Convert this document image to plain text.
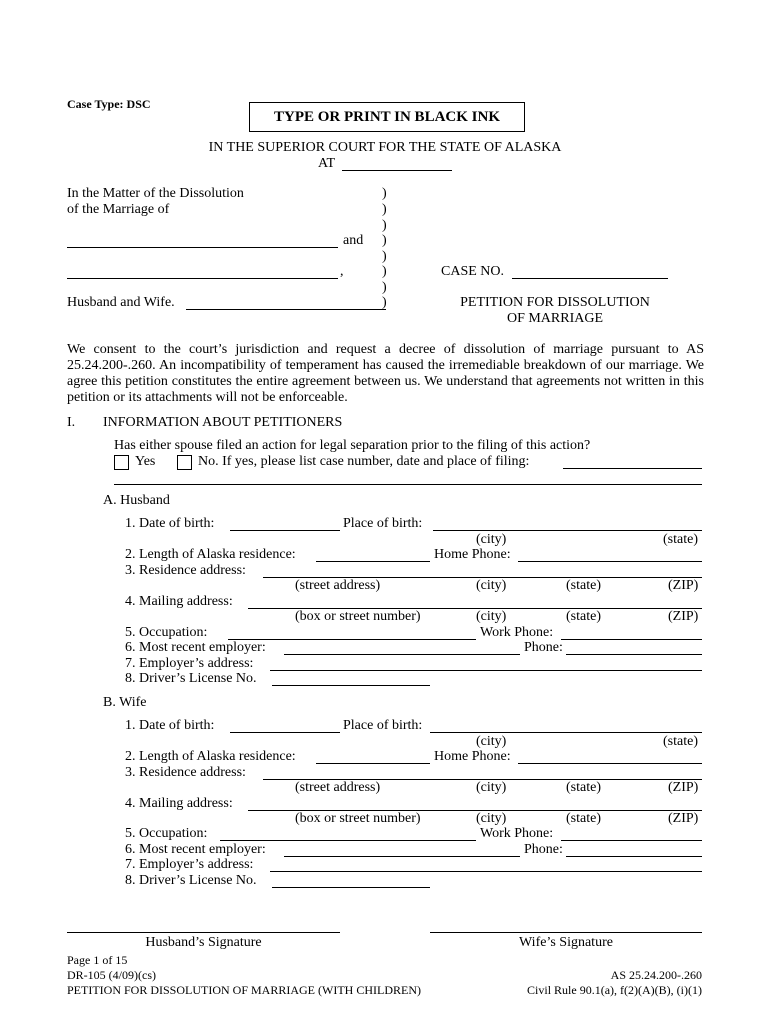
Case Type: DSC
TYPE OR PRINT IN BLACK INK
IN THE SUPERIOR COURT FOR THE STATE OF ALASKA
AT
In the Matter of the Dissolution
of the Marriage of
and
,
Husband and Wife.
)
)
)
)
)
)
)
)
CASE NO.
PETITION FOR DISSOLUTION
OF MARRIAGE
We consent to the court’s jurisdiction and request a decree of dissolution of marriage pursuant to AS 25.24.200-.260. An incompatibility of temperament has caused the irremediable breakdown of our marriage. We agree this petition constitutes the entire agreement between us. We understand that agreements not written in this petition or its attachments will not be enforceable.
I. INFORMATION ABOUT PETITIONERS
Has either spouse filed an action for legal separation prior to the filing of this action?
Yes	No. If yes, please list case number, date and place of filing:
A. Husband
1. Date of birth:	Place of birth:
(city)	(state)
2. Length of Alaska residence:	Home Phone:
3. Residence address:
(street address)	(city)	(state)	(ZIP)
4. Mailing address:
(box or street number)	(city)	(state)	(ZIP)
5. Occupation:	Work Phone:
6. Most recent employer:	Phone:
7. Employer’s address:
8. Driver’s License No.
B. Wife
1. Date of birth:	Place of birth:
(city)	(state)
2. Length of Alaska residence:	Home Phone:
3. Residence address:
(street address)	(city)	(state)	(ZIP)
4. Mailing address:
(box or street number)	(city)	(state)	(ZIP)
5. Occupation:	Work Phone:
6. Most recent employer:	Phone:
7. Employer’s address:
8. Driver’s License No.
Husband’s Signature	Wife’s Signature
Page 1 of 15
DR-105 (4/09)(cs)
PETITION FOR DISSOLUTION OF MARRIAGE (WITH CHILDREN)
AS 25.24.200-.260
Civil Rule 90.1(a), f(2)(A)(B), (i)(1)
